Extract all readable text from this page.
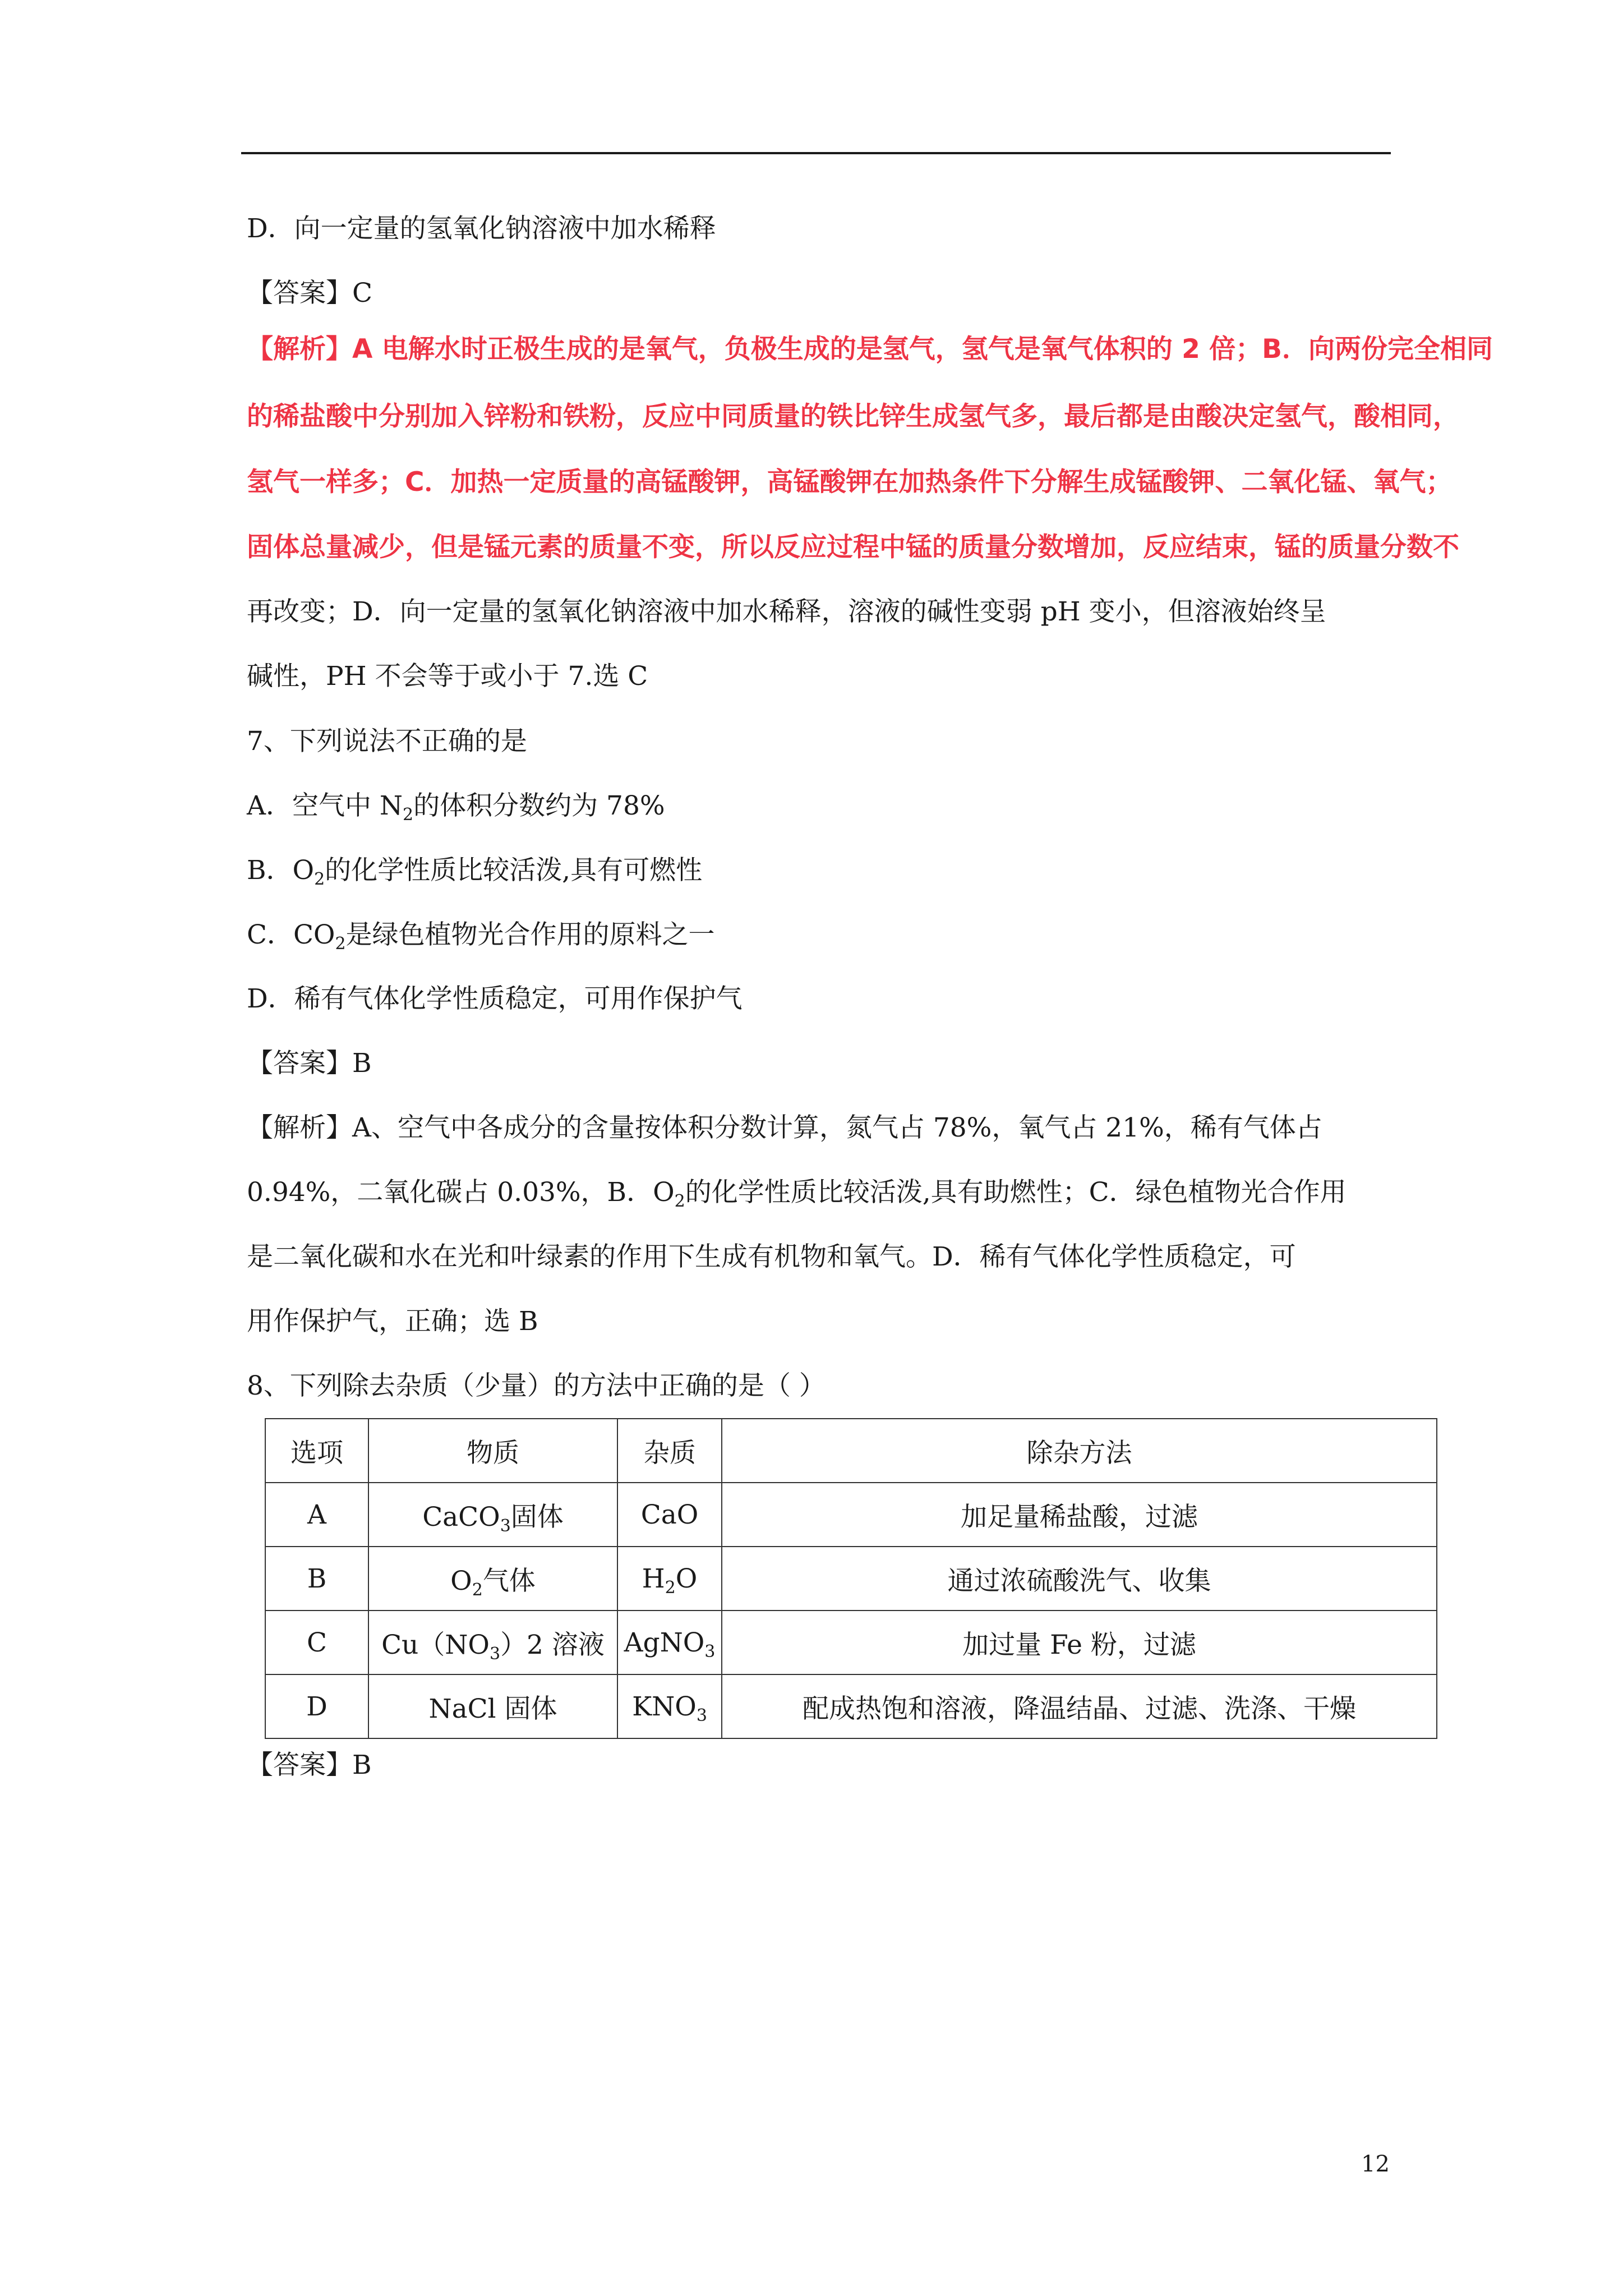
D．向一定量的氢氧化钠溶液中加水稀释
【答案】C
【解析】A 电解水时正极生成的是氧气，负极生成的是氢气，氢气是氧气体积的 2 倍；B．向两份完全相同
的稀盐酸中分别加入锌粉和铁粉，反应中同质量的铁比锌生成氢气多，最后都是由酸决定氢气，酸相同，
氢气一样多；C．加热一定质量的高锰酸钾，高锰酸钾在加热条件下分解生成锰酸钾、二氧化锰、氧气；
固体总量减少，但是锰元素的质量不变，所以反应过程中锰的质量分数增加，反应结束，锰的质量分数不
再改变；D．向一定量的氢氧化钠溶液中加水稀释，溶液的碱性变弱 pH 变小，但溶液始终呈
碱性，PH 不会等于或小于 7.选 C
7、下列说法不正确的是
A．空气中 $N_2$的体积分数约为 78%
B．$O_2$的化学性质比较活泼,具有可燃性
C．$CO_2$是绿色植物光合作用的原料之一
D．稀有气体化学性质稳定，可用作保护气
【答案】B
【解析】A、空气中各成分的含量按体积分数计算，氮气占 78%，氧气占 21%，稀有气体占
0.94%，二氧化碳占 0.03%，B．$O_2$的化学性质比较活泼,具有助燃性；C．绿色植物光合作用
是二氧化碳和水在光和叶绿素的作用下生成有机物和氧气。D．稀有气体化学性质稳定，可
用作保护气，正确；选 B
8、下列除去杂质（少量）的方法中正确的是（ ）
选项	物质	杂质	除杂方法
A	CaCO$_3$固体	CaO	加足量稀盐酸，过滤
B	$O_2$气体	$H_2O$	通过浓硫酸洗气、收集
C	$Cu(NO_3)2$ 溶液	AgNO$_3$	加过量 Fe 粉，过滤
D	NaCl 固体	$KNO_3$	配成热饱和溶液，降温结晶、过滤、洗涤、干燥
【答案】B
12
